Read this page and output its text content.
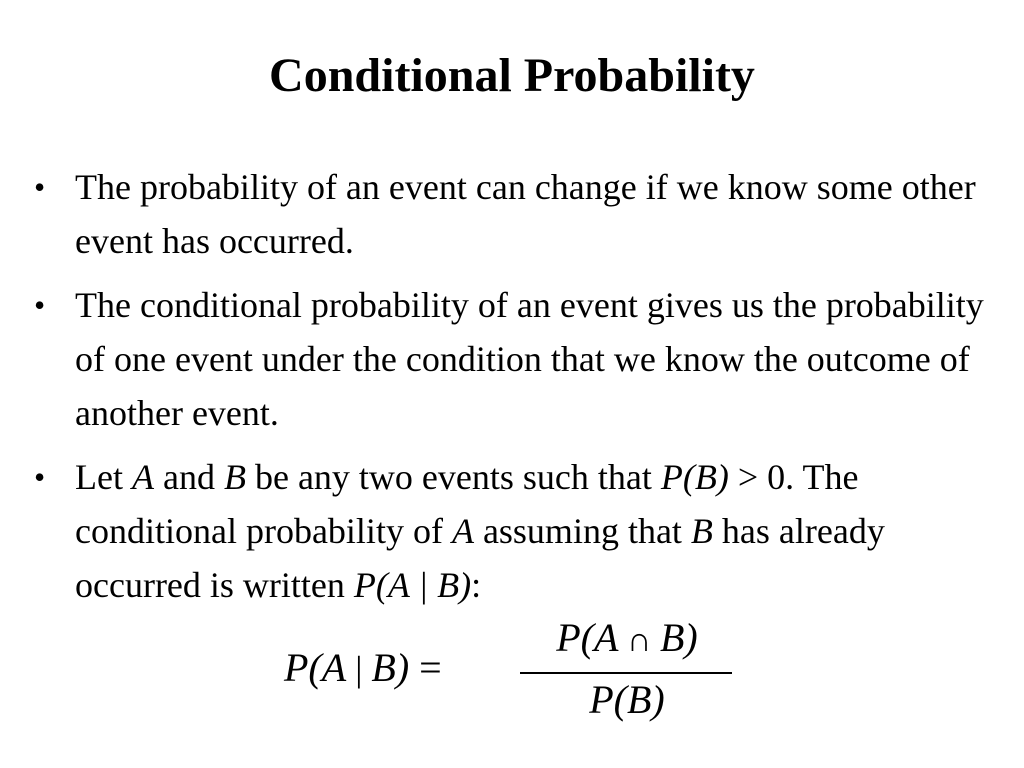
Conditional Probability
• The probability of an event can change if we know some other event has occurred.
• The conditional probability of an event gives us the probability of one event under the condition that we know the outcome of another event.
• Let A and B be any two events such that P(B) > 0. The conditional probability of A assuming that B has already occurred is written P(A | B):
P(A | B) =
P(A ∩ B)
P(B)
